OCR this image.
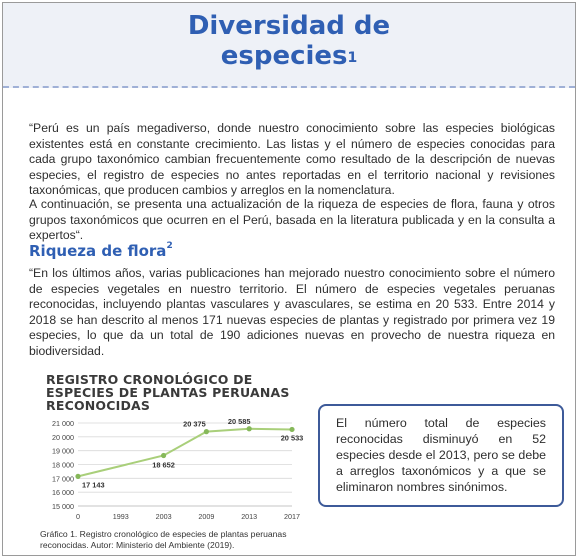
Diversidad de
especies$^1$

“Perú es un país megadiverso, donde nuestro conocimiento sobre las especies biológicas existentes está en constante crecimiento. Las listas y el número de especies conocidas para cada grupo taxonómico cambian frecuentemente como resultado de la descripción de nuevas especies, el registro de especies no antes reportadas en el territorio nacional y revisiones taxonómicas, que producen cambios y arreglos en la nomenclatura.

A continuación, se presenta una actualización de la riqueza de especies de flora, fauna y otros grupos taxonómicos que ocurren en el Perú, basada en la literatura publicada y en la consulta a expertos“.

Riqueza de flora$^2$

“En los últimos años, varias publicaciones han mejorado nuestro conocimiento sobre el número de especies vegetales en nuestro territorio. El número de especies vegetales peruanas reconocidas, incluyendo plantas vasculares y avasculares, se estima en 20 533. Entre 2014 y 2018 se han descrito al menos 171 nuevas especies de plantas y registrado por primera vez 19 especies, lo que da un total de 190 adiciones nuevas en provecho de nuestra riqueza en biodiversidad.

REGISTRO CRONOLÓGICO DE
ESPECIES DE PLANTAS PERUANAS
RECONOCIDAS
17 000
18 000
19 000
20 000
21 000
16 000
15 000
0	1993	2003	2009	2013	2017
17 143
18 652
20 375	20 585
20 533

Gráfico 1. Registro cronológico de especies de plantas peruanas reconocidas. Autor: Ministerio del Ambiente (2019).

El número total de especies reconocidas disminuyó en 52 especies desde el 2013, pero se debe a arreglos taxonómicos y a que se eliminaron nombres sinónimos.
